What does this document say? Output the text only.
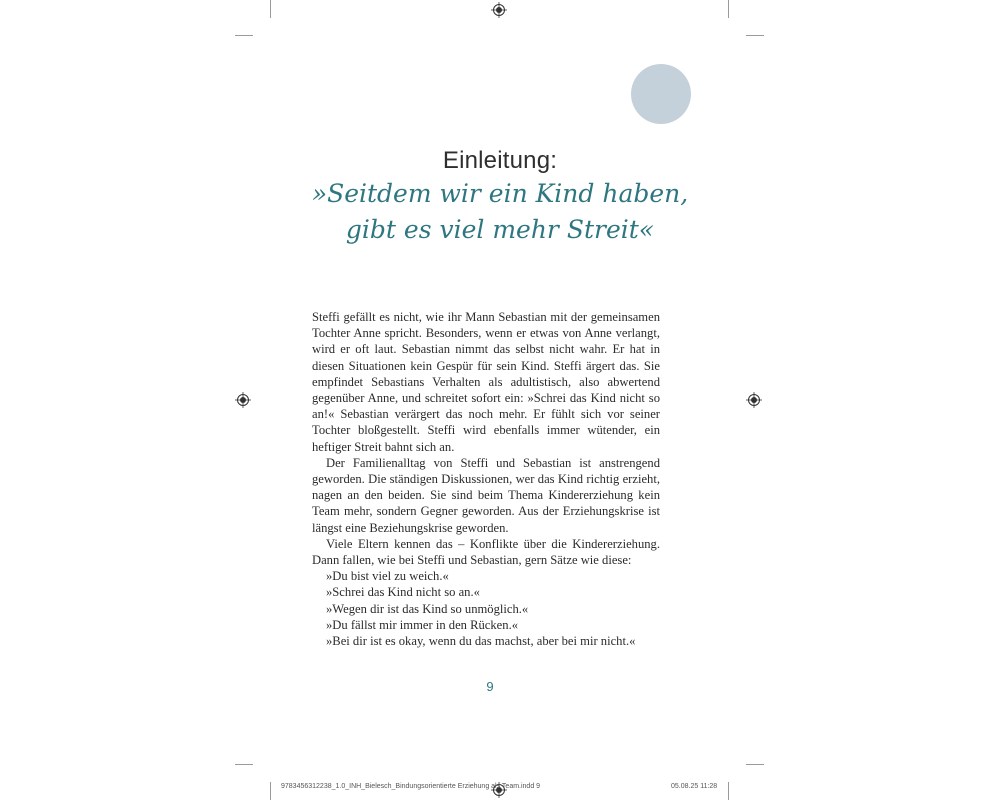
Einleitung:
»Seitdem wir ein Kind haben,
gibt es viel mehr Streit«

Steffi gefällt es nicht, wie ihr Mann Sebastian mit der gemeinsamen Tochter Anne spricht. Besonders, wenn er etwas von Anne verlangt, wird er oft laut. Sebastian nimmt das selbst nicht wahr. Er hat in diesen Situationen kein Gespür für sein Kind. Steffi ärgert das. Sie empfindet Sebastians Verhalten als adultistisch, also abwertend gegenüber Anne, und schreitet sofort ein: »Schrei das Kind nicht so an!« Sebastian verärgert das noch mehr. Er fühlt sich vor seiner Tochter bloßgestellt. Steffi wird ebenfalls immer wütender, ein heftiger Streit bahnt sich an.

Der Familienalltag von Steffi und Sebastian ist anstrengend geworden. Die ständigen Diskussionen, wer das Kind richtig erzieht, nagen an den beiden. Sie sind beim Thema Kindererziehung kein Team mehr, sondern Gegner geworden. Aus der Erziehungskrise ist längst eine Beziehungskrise geworden.

Viele Eltern kennen das – Konflikte über die Kindererziehung. Dann fallen, wie bei Steffi und Sebastian, gern Sätze wie diese:

»Du bist viel zu weich.«
»Schrei das Kind nicht so an.«
»Wegen dir ist das Kind so unmöglich.«
»Du fällst mir immer in den Rücken.«
»Bei dir ist es okay, wenn du das machst, aber bei mir nicht.«
9
9783456312238_1.0_INH_Bielesch_Bindungsorientierte Erziehung als Team.indd 9	05.08.25 11:28
